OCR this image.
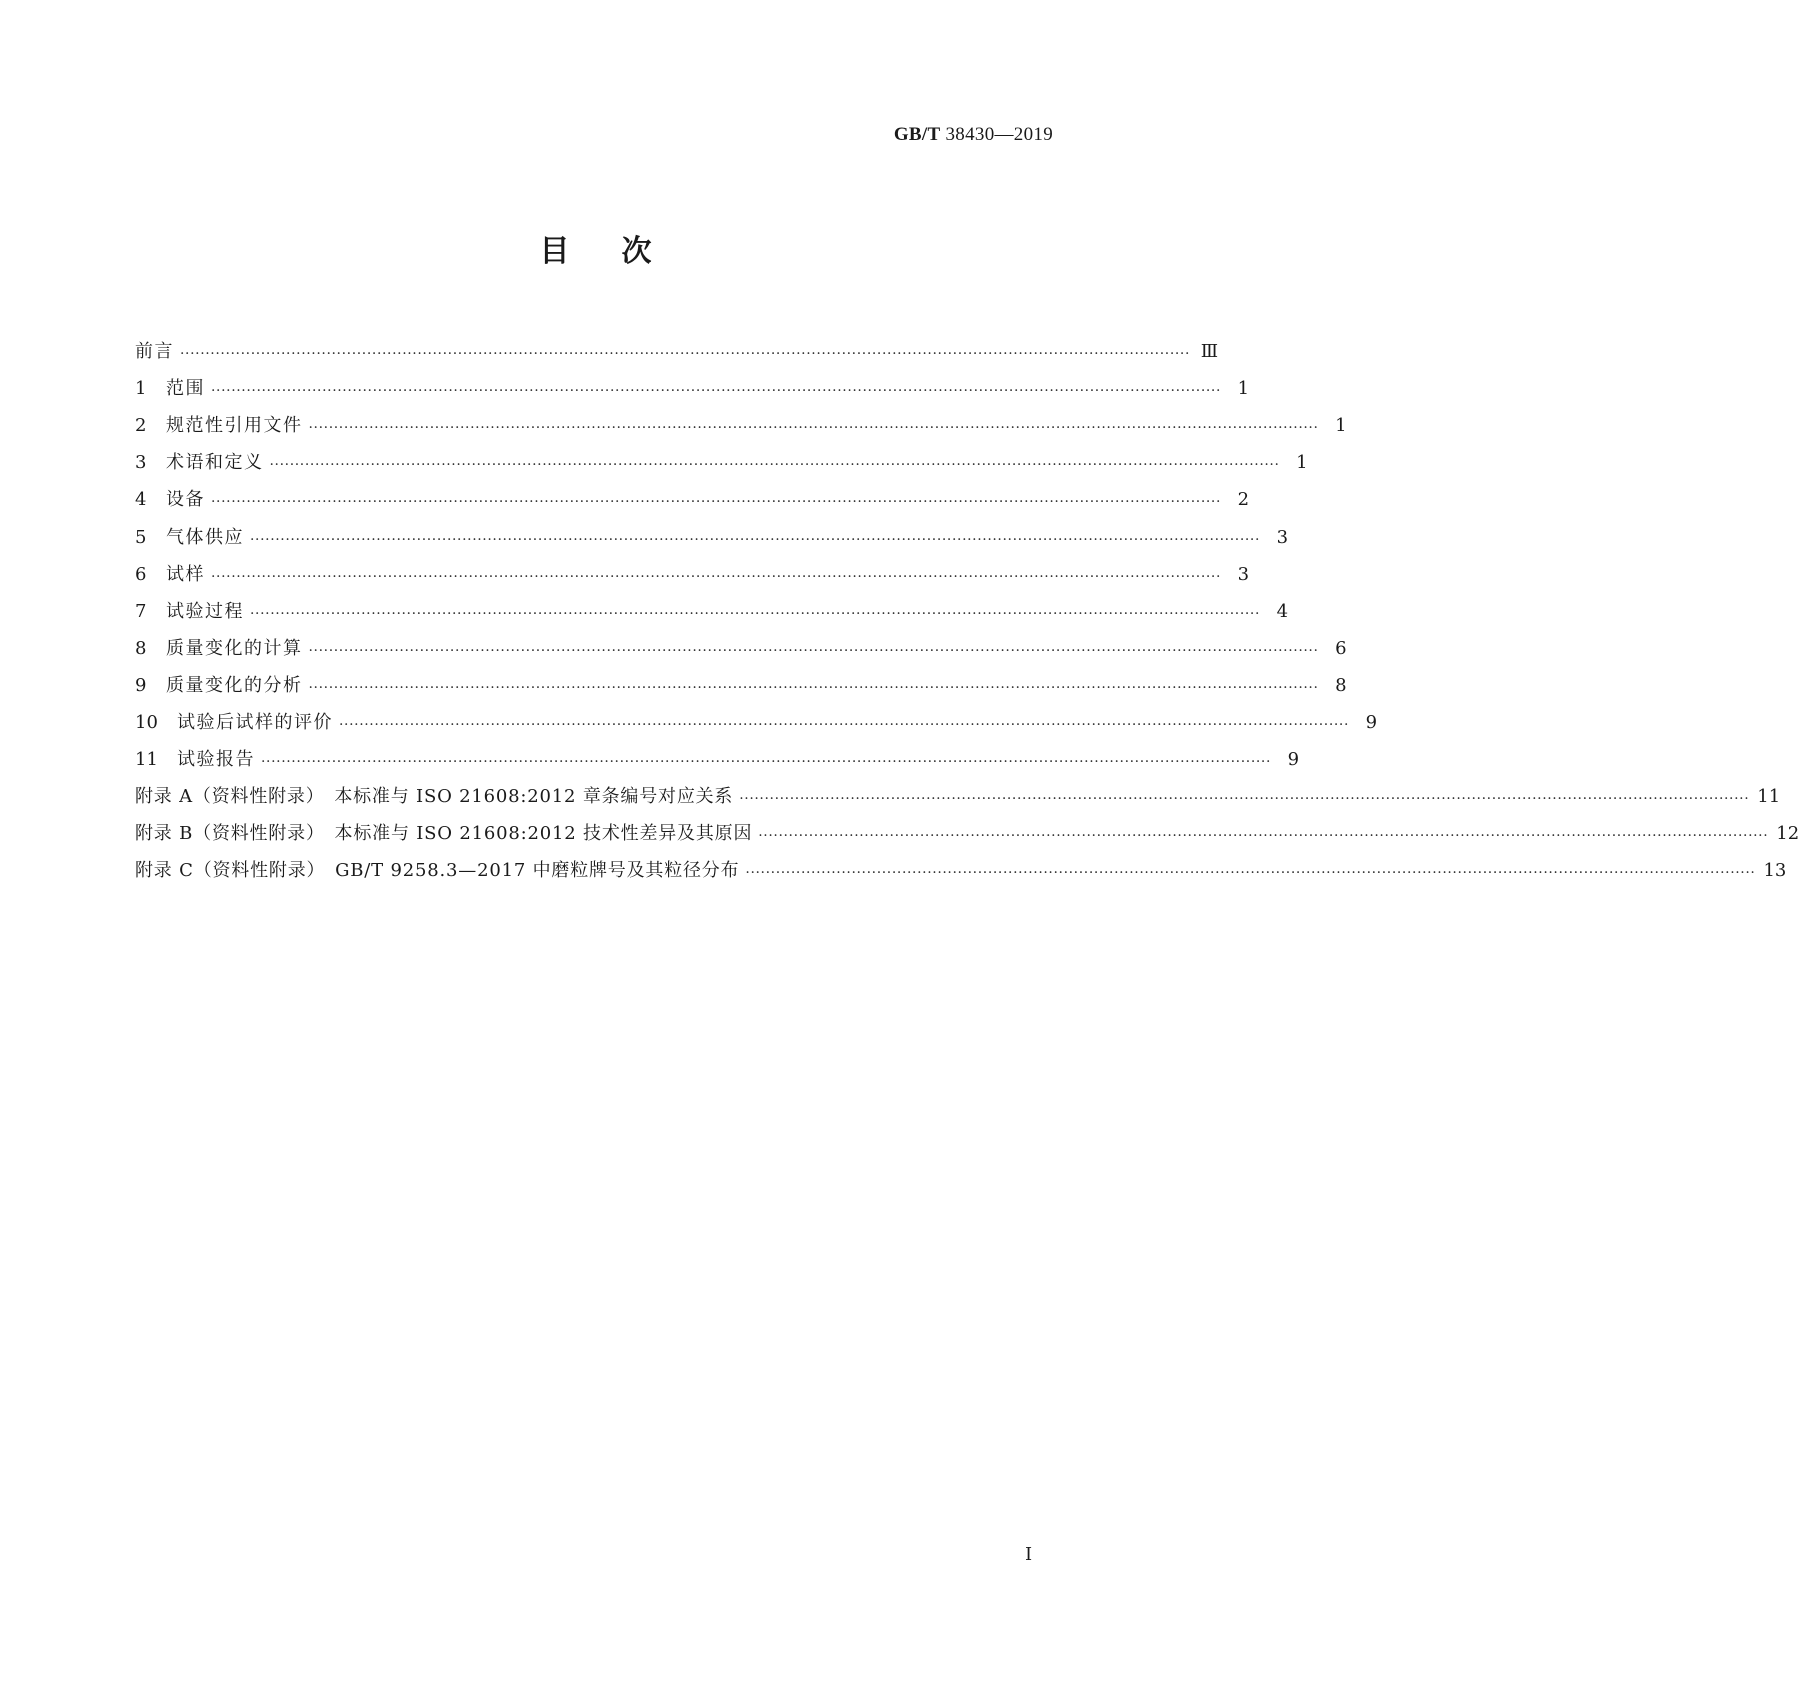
GB/T 38430—2019
目次
前言 ········································································································································································································ Ⅲ
1	范围 ········································································································································································································ 1
2	规范性引用文件 ········································································································································································································ 1
3	术语和定义 ········································································································································································································ 1
4	设备 ········································································································································································································ 2
5	气体供应 ········································································································································································································ 3
6	试样 ········································································································································································································ 3
7	试验过程 ········································································································································································································ 4
8	质量变化的计算 ········································································································································································································ 6
9	质量变化的分析 ········································································································································································································ 8
10	试验后试样的评价 ········································································································································································································ 9
11	试验报告 ········································································································································································································ 9
附录 A（资料性附录）　本标准与 ISO 21608:2012 章条编号对应关系 ········································································································································································································ 11
附录 B（资料性附录）　本标准与 ISO 21608:2012 技术性差异及其原因 ········································································································································································································ 12
附录 C（资料性附录）　GB/T 9258.3—2017 中磨粒牌号及其粒径分布 ········································································································································································································ 13
I
